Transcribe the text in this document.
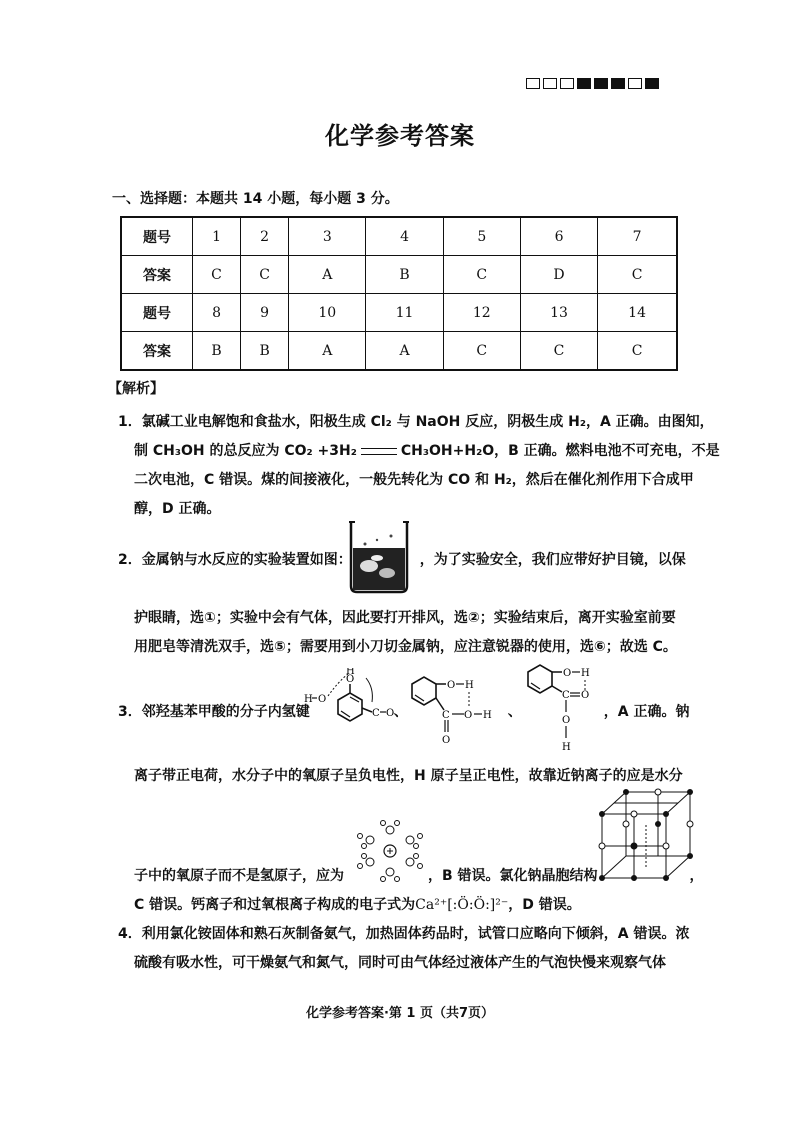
化学参考答案
一、选择题：本题共 14 小题，每小题 3 分。
题号	1	2	3	4	5	6	7
答案	C	C	A	B	C	D	C
题号	8	9	10	11	12	13	14
答案	B	B	A	A	C	C	C
【解析】
1．氯碱工业电解饱和食盐水，阳极生成 Cl₂ 与 NaOH 反应，阴极生成 H₂，A 正确。由图知，
制 CH₃OH 的总反应为 CO₂ +3H₂	CH₃OH+H₂O，B 正确。燃料电池不可充电，不是
二次电池，C 错误。煤的间接液化，一般先转化为 CO 和 H₂，然后在催化剂作用下合成甲
醇，D 正确。
2．金属钠与水反应的实验装置如图：	，为了实验安全，我们应带好护目镜，以保
护眼睛，选①；实验中会有气体，因此要打开排风，选②；实验结束后，离开实验室前要
用肥皂等清洗双手，选⑤；需要用到小刀切金属钠，应注意锐器的使用，选⑥；故选 C。
3．邻羟基苯甲酸的分子内氢键	、	、	，A 正确。钠
O
H
H O
C O
O H
C O H
O
O H
C O
O
H
离子带正电荷，水分子中的氧原子呈负电性，H 原子呈正电性，故靠近钠离子的应是水分
子中的氧原子而不是氢原子，应为	，B 错误。氯化钠晶胞结构	，
C 错误。钙离子和过氧根离子构成的电子式为Ca²⁺[:Ö:Ö:]²⁻，D 错误。
4．利用氯化铵固体和熟石灰制备氨气，加热固体药品时，试管口应略向下倾斜，A 错误。浓
硫酸有吸水性，可干燥氨气和氮气，同时可由气体经过液体产生的气泡快慢来观察气体
化学参考答案·第 1 页（共7页）
